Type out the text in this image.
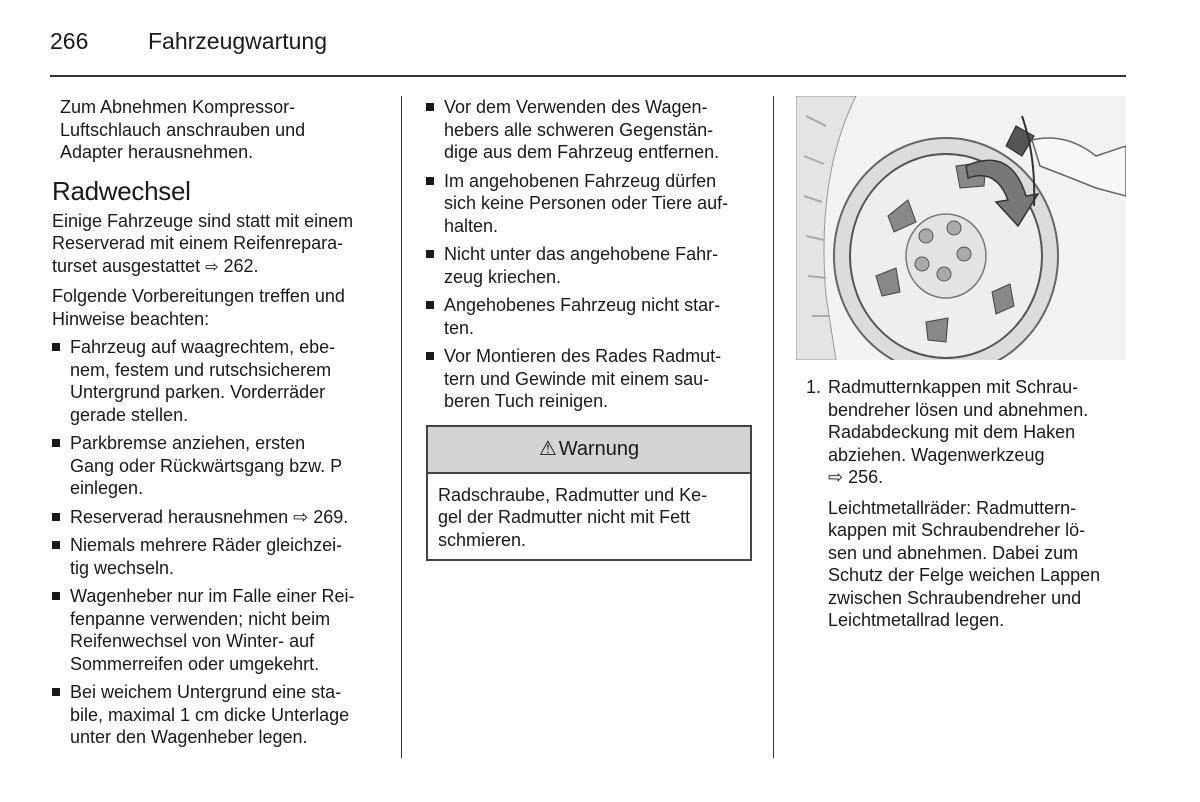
266	Fahrzeugwartung

Zum Abnehmen Kompressor-
Luftschlauch anschrauben und
Adapter herausnehmen.

Radwechsel

Einige Fahrzeuge sind statt mit einem
Reserverad mit einem Reifenrepara-
turset ausgestattet ⇨ 262.

Folgende Vorbereitungen treffen und
Hinweise beachten:

Fahrzeug auf waagrechtem, ebe-
nem, festem und rutschsicherem
Untergrund parken. Vorderräder
gerade stellen.
Parkbremse anziehen, ersten
Gang oder Rückwärtsgang bzw. P
einlegen.
Reserverad herausnehmen ⇨ 269.
Niemals mehrere Räder gleichzei-
tig wechseln.
Wagenheber nur im Falle einer Rei-
fenpanne verwenden; nicht beim
Reifenwechsel von Winter- auf
Sommerreifen oder umgekehrt.
Bei weichem Untergrund eine sta-
bile, maximal 1 cm dicke Unterlage
unter den Wagenheber legen.
Vor dem Verwenden des Wagen-
hebers alle schweren Gegenstän-
dige aus dem Fahrzeug entfernen.
Im angehobenen Fahrzeug dürfen
sich keine Personen oder Tiere auf-
halten.
Nicht unter das angehobene Fahr-
zeug kriechen.
Angehobenes Fahrzeug nicht star-
ten.
Vor Montieren des Rades Radmut-
tern und Gewinde mit einem sau-
beren Tuch reinigen.
⚠ Warnung
Radschraube, Radmutter und Ke-
gel der Radmutter nicht mit Fett
schmieren.
1. Radmutternkappen mit Schrau-
bendreher lösen und abnehmen.
Radabdeckung mit dem Haken
abziehen. Wagenwerkzeug
⇨ 256.
Leichtmetallräder: Radmuttern-
kappen mit Schraubendreher lö-
sen und abnehmen. Dabei zum
Schutz der Felge weichen Lappen
zwischen Schraubendreher und
Leichtmetallrad legen.
